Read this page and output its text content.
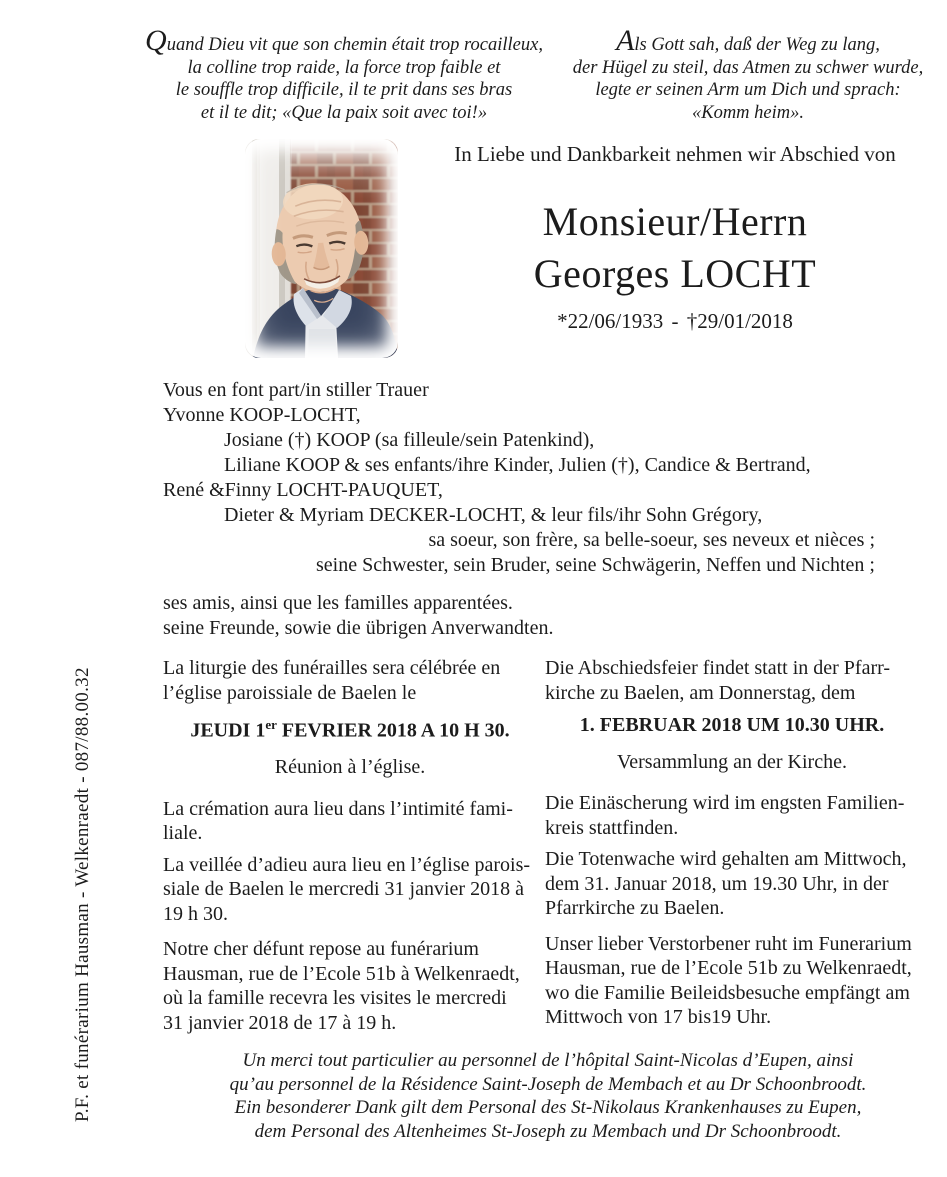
Quand Dieu vit que son chemin était trop rocailleux,
la colline trop raide, la force trop faible et
le souffle trop difficile, il te prit dans ses bras
et il te dit; «Que la paix soit avec toi!»
Als Gott sah, daß der Weg zu lang,
der Hügel zu steil, das Atmen zu schwer wurde,
legte er seinen Arm um Dich und sprach:
«Komm heim».
In Liebe und Dankbarkeit nehmen wir Abschied von
Monsieur/Herrn
Georges LOCHT
*22/06/1933 - †29/01/2018
Vous en font part/in stiller Trauer
Yvonne KOOP-LOCHT,
Josiane (†) KOOP (sa filleule/sein Patenkind),
Liliane KOOP & ses enfants/ihre Kinder, Julien (†), Candice & Bertrand,
René &Finny LOCHT-PAUQUET,
Dieter & Myriam DECKER-LOCHT, & leur fils/ihr Sohn Grégory,
sa soeur, son frère, sa belle-soeur, ses neveux et nièces ;
seine Schwester, sein Bruder, seine Schwägerin, Neffen und Nichten ;
ses amis, ainsi que les familles apparentées.
seine Freunde, sowie die übrigen Anverwandten.

La liturgie des funérailles sera célébrée en
l’église paroissiale de Baelen le

JEUDI 1er FEVRIER 2018 A 10 H 30.

Réunion à l’église.

La crémation aura lieu dans l’intimité fami-
liale.

La veillée d’adieu aura lieu en l’église parois-
siale de Baelen le mercredi 31 janvier 2018 à
19 h 30.

Notre cher défunt repose au funérarium
Hausman, rue de l’Ecole 51b à Welkenraedt,
où la famille recevra les visites le mercredi
31 janvier 2018 de 17 à 19 h.

Die Abschiedsfeier findet statt in der Pfarr-
kirche zu Baelen, am Donnerstag, dem

1. FEBRUAR 2018 UM 10.30 UHR.

Versammlung an der Kirche.

Die Einäscherung wird im engsten Familien-
kreis stattfinden.

Die Totenwache wird gehalten am Mittwoch,
dem 31. Januar 2018, um 19.30 Uhr, in der
Pfarrkirche zu Baelen.

Unser lieber Verstorbener ruht im Funerarium
Hausman, rue de l’Ecole 51b zu Welkenraedt,
wo die Familie Beileidsbesuche empfängt am
Mittwoch von 17 bis19 Uhr.

Un merci tout particulier au personnel de l’hôpital Saint-Nicolas d’Eupen, ainsi
qu’au personnel de la Résidence Saint-Joseph de Membach et au Dr Schoonbroodt.
Ein besonderer Dank gilt dem Personal des St-Nikolaus Krankenhauses zu Eupen,
dem Personal des Altenheimes St-Joseph zu Membach und Dr Schoonbroodt.
P.F. et funérarium Hausman - Welkenraedt - 087/88.00.32
